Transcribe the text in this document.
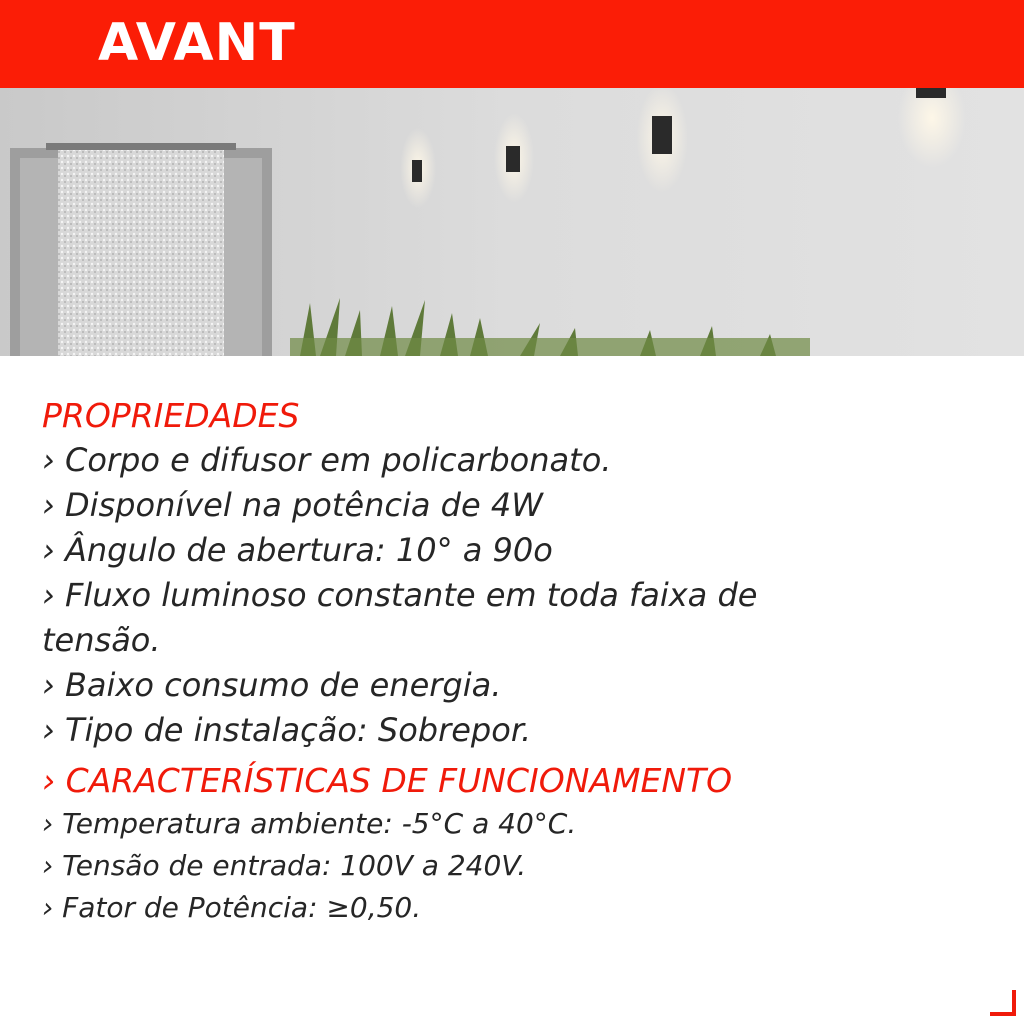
AVANT

PROPRIEDADES

› Corpo e difusor em policarbonato.

› Disponível na potência de 4W

› Ângulo de abertura: 10° a 90o

› Fluxo luminoso constante em toda faixa de

tensão.

› Baixo consumo de energia.

› Tipo de instalação: Sobrepor.

› CARACTERÍSTICAS DE FUNCIONAMENTO

› Temperatura ambiente: -5°C a 40°C.

› Tensão de entrada: 100V a 240V.

› Fator de Potência: ≥0,50.
